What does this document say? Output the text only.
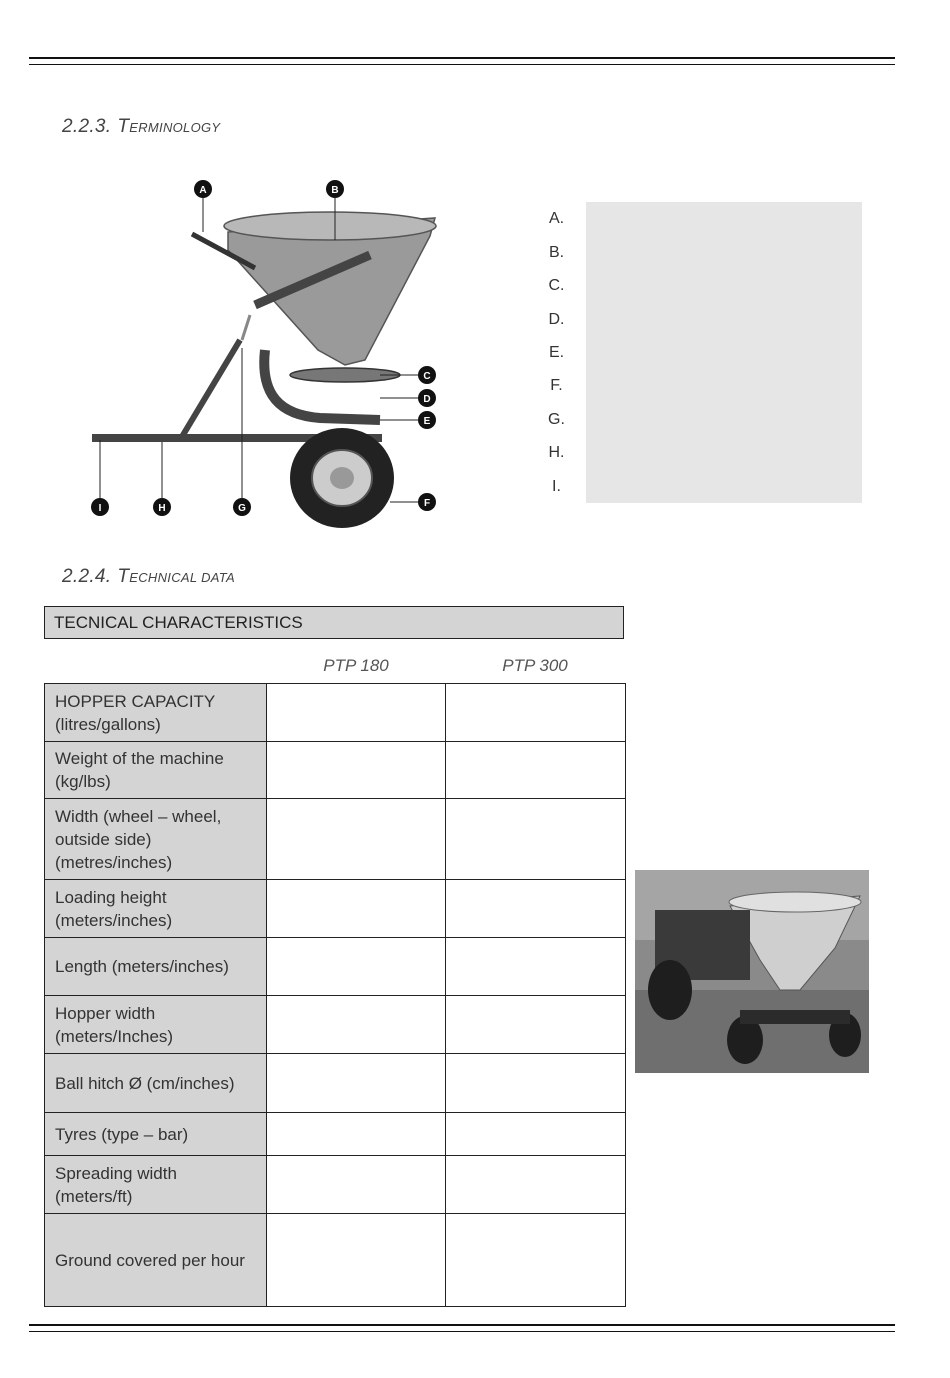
2.2.3. TERMINOLOGY
A	B
C
D
E
F
G
H
I
A.
B.
C.
D.
E.
F.
G.
H.
I.
2.2.4. TECHNICAL DATA
TECNICAL CHARACTERISTICS
PTP 180	PTP 300
HOPPER CAPACITY (litres/gallons)		
Weight of the machine (kg/lbs)		
Width (wheel – wheel, outside side) (metres/inches)		
Loading height (meters/inches)		
Length (meters/inches)		
Hopper width (meters/Inches)		
Ball hitch Ø (cm/inches)		
Tyres (type – bar)		
Spreading width (meters/ft)		
Ground covered per hour		
